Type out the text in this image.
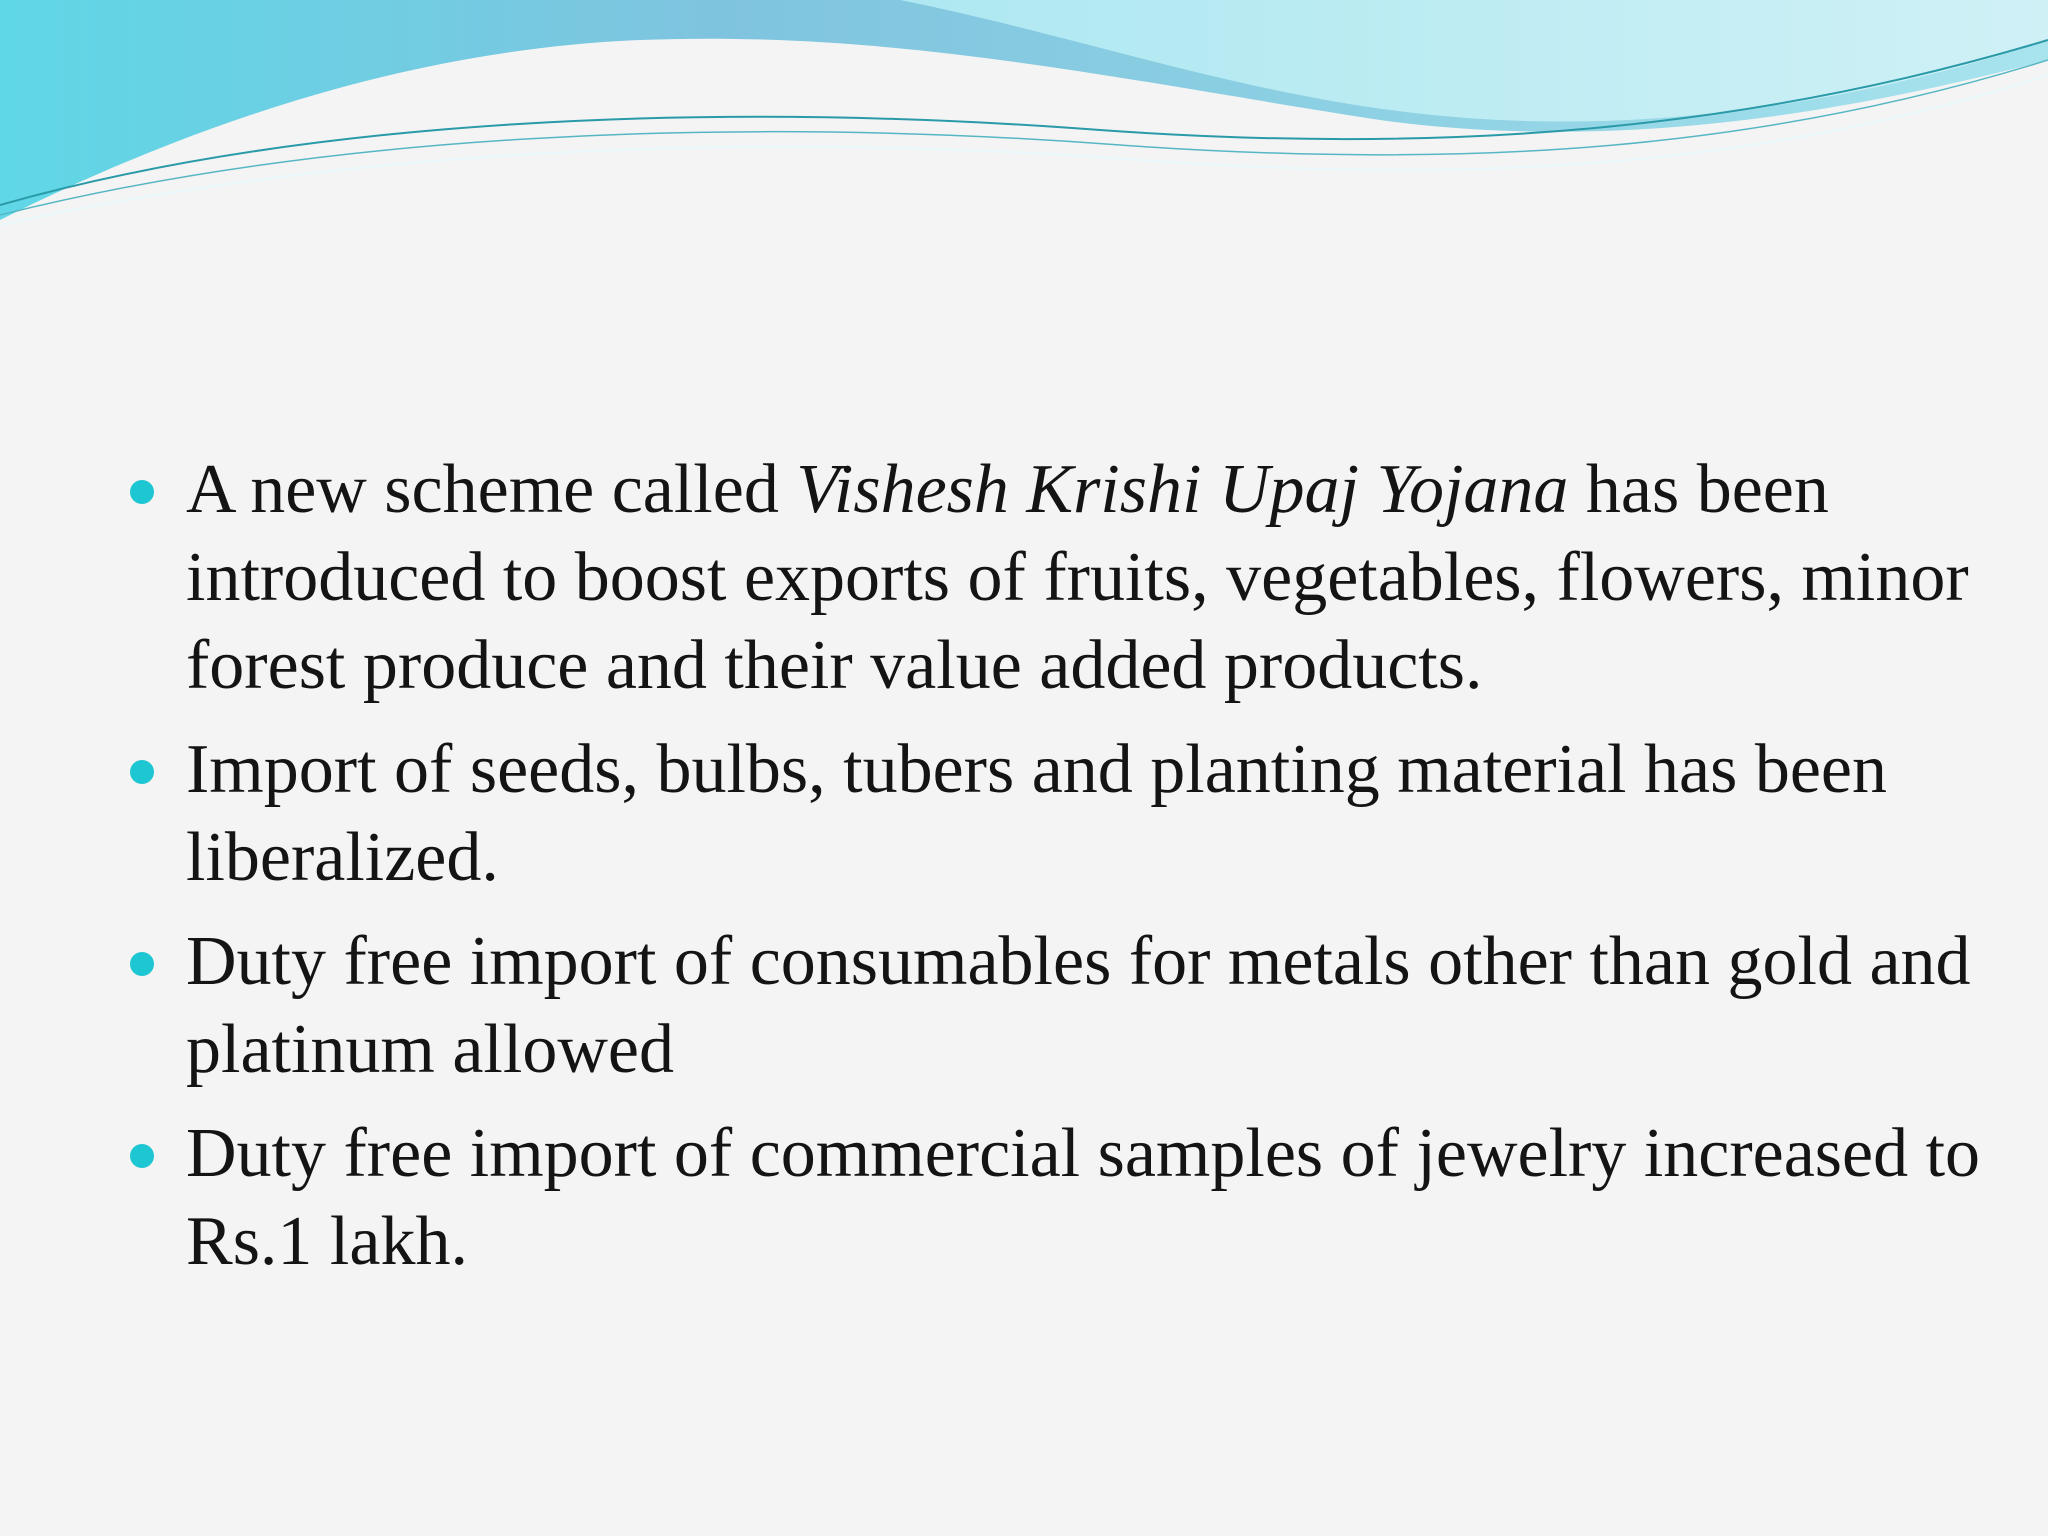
A new scheme called Vishesh Krishi Upaj Yojana has been introduced to boost exports of fruits, vegetables, flowers, minor forest produce and their value added products.
Import of seeds, bulbs, tubers and planting material has been liberalized.
Duty free import of consumables for metals other than gold and platinum allowed
Duty free import of commercial samples of jewelry increased to Rs.1 lakh.
